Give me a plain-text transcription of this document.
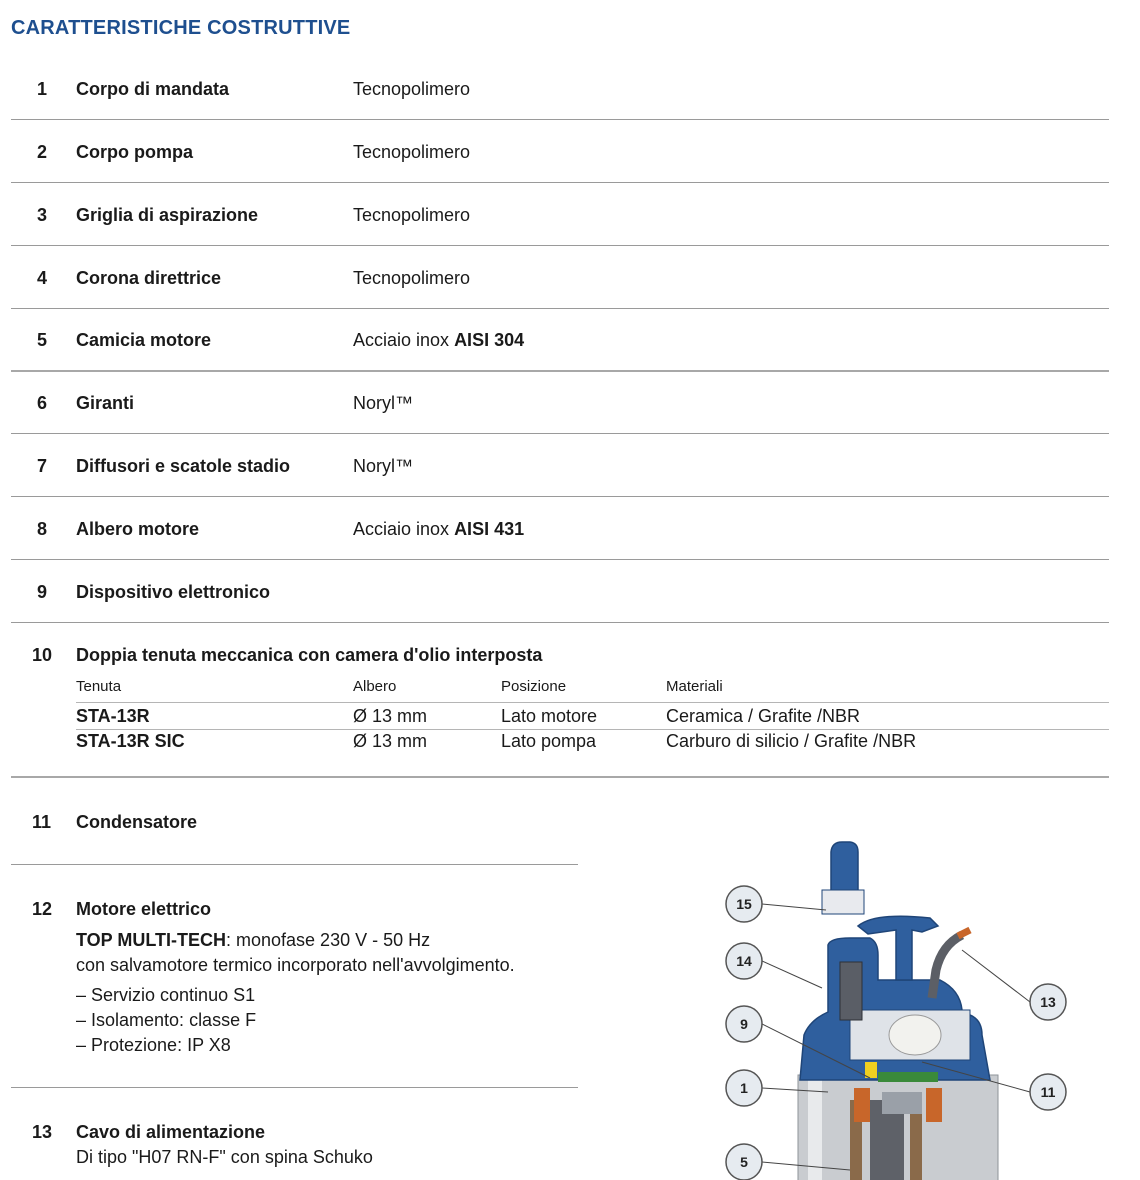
CARATTERISTICHE COSTRUTTIVE
1 Corpo di mandata	Tecnopolimero
2 Corpo pompa	Tecnopolimero
3 Griglia di aspirazione	Tecnopolimero
4 Corona direttrice	Tecnopolimero
5 Camicia motore	Acciaio inox AISI 304
6 Giranti	Noryl™
7 Diffusori e scatole stadio	Noryl™
8 Albero motore	Acciaio inox AISI 431
9 Dispositivo elettronico
10 Doppia tenuta meccanica con camera d'olio interposta
Tenuta	Albero	Posizione	Materiali
STA-13R	Ø 13 mm	Lato motore	Ceramica / Grafite /NBR
STA-13R SIC	Ø 13 mm	Lato pompa	Carburo di silicio / Grafite /NBR
11 Condensatore
12 Motore elettrico
TOP MULTI-TECH: monofase 230 V - 50 Hz
con salvamotore termico incorporato nell'avvolgimento.
– Servizio continuo S1
– Isolamento: classe F
– Protezione: IP X8
13 Cavo di alimentazione
Di tipo "H07 RN-F" con spina Schuko
15
14
9
1
5
13
11
